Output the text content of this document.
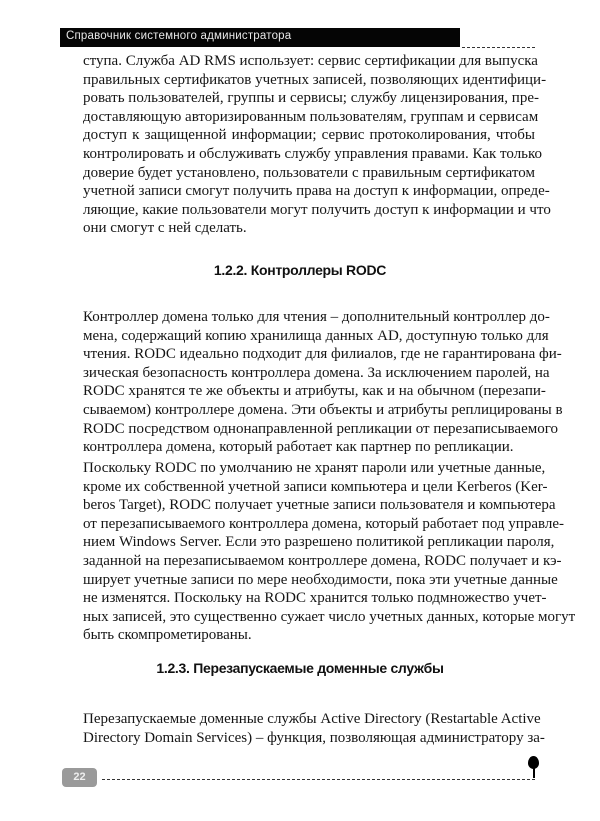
Справочник системного администратора
ступа. Служба AD RMS использует: сервис сертификации для выпуска
правильных сертификатов учетных записей, позволяющих идентифици-
ровать пользователей, группы и сервисы; службу лицензирования, пре-
доставляющую авторизированным пользователям, группам и сервисам
доступ к защищенной информации; сервис протоколирования, чтобы
контролировать и обслуживать службу управления правами. Как только
доверие будет установлено, пользователи с правильным сертификатом
учетной записи смогут получить права на доступ к информации, опреде-
ляющие, какие пользователи могут получить доступ к информации и что
они смогут с ней сделать.
1.2.2. Контроллеры RODC
Контроллер домена только для чтения – дополнительный контроллер до-
мена, содержащий копию хранилища данных AD, доступную только для
чтения. RODC идеально подходит для филиалов, где не гарантирована фи-
зическая безопасность контроллера домена. За исключением паролей, на
RODC хранятся те же объекты и атрибуты, как и на обычном (перезапи-
сываемом) контроллере домена. Эти объекты и атрибуты реплицированы в
RODC посредством однонаправленной репликации от перезаписываемого
контроллера домена, который работает как партнер по репликации.
Поскольку RODC по умолчанию не хранят пароли или учетные данные,
кроме их собственной учетной записи компьютера и цели Kerberos (Ker-
beros Target), RODC получает учетные записи пользователя и компьютера
от перезаписываемого контроллера домена, который работает под управле-
нием Windows Server. Если это разрешено политикой репликации пароля,
заданной на перезаписываемом контроллере домена, RODC получает и кэ-
ширует учетные записи по мере необходимости, пока эти учетные данные
не изменятся. Поскольку на RODC хранится только подмножество учет-
ных записей, это существенно сужает число учетных данных, которые могут
быть скомпрометированы.
1.2.3. Перезапускаемые доменные службы
Перезапускаемые доменные службы Active Directory (Restartable Active
Directory Domain Services) – функция, позволяющая администратору за-
22
